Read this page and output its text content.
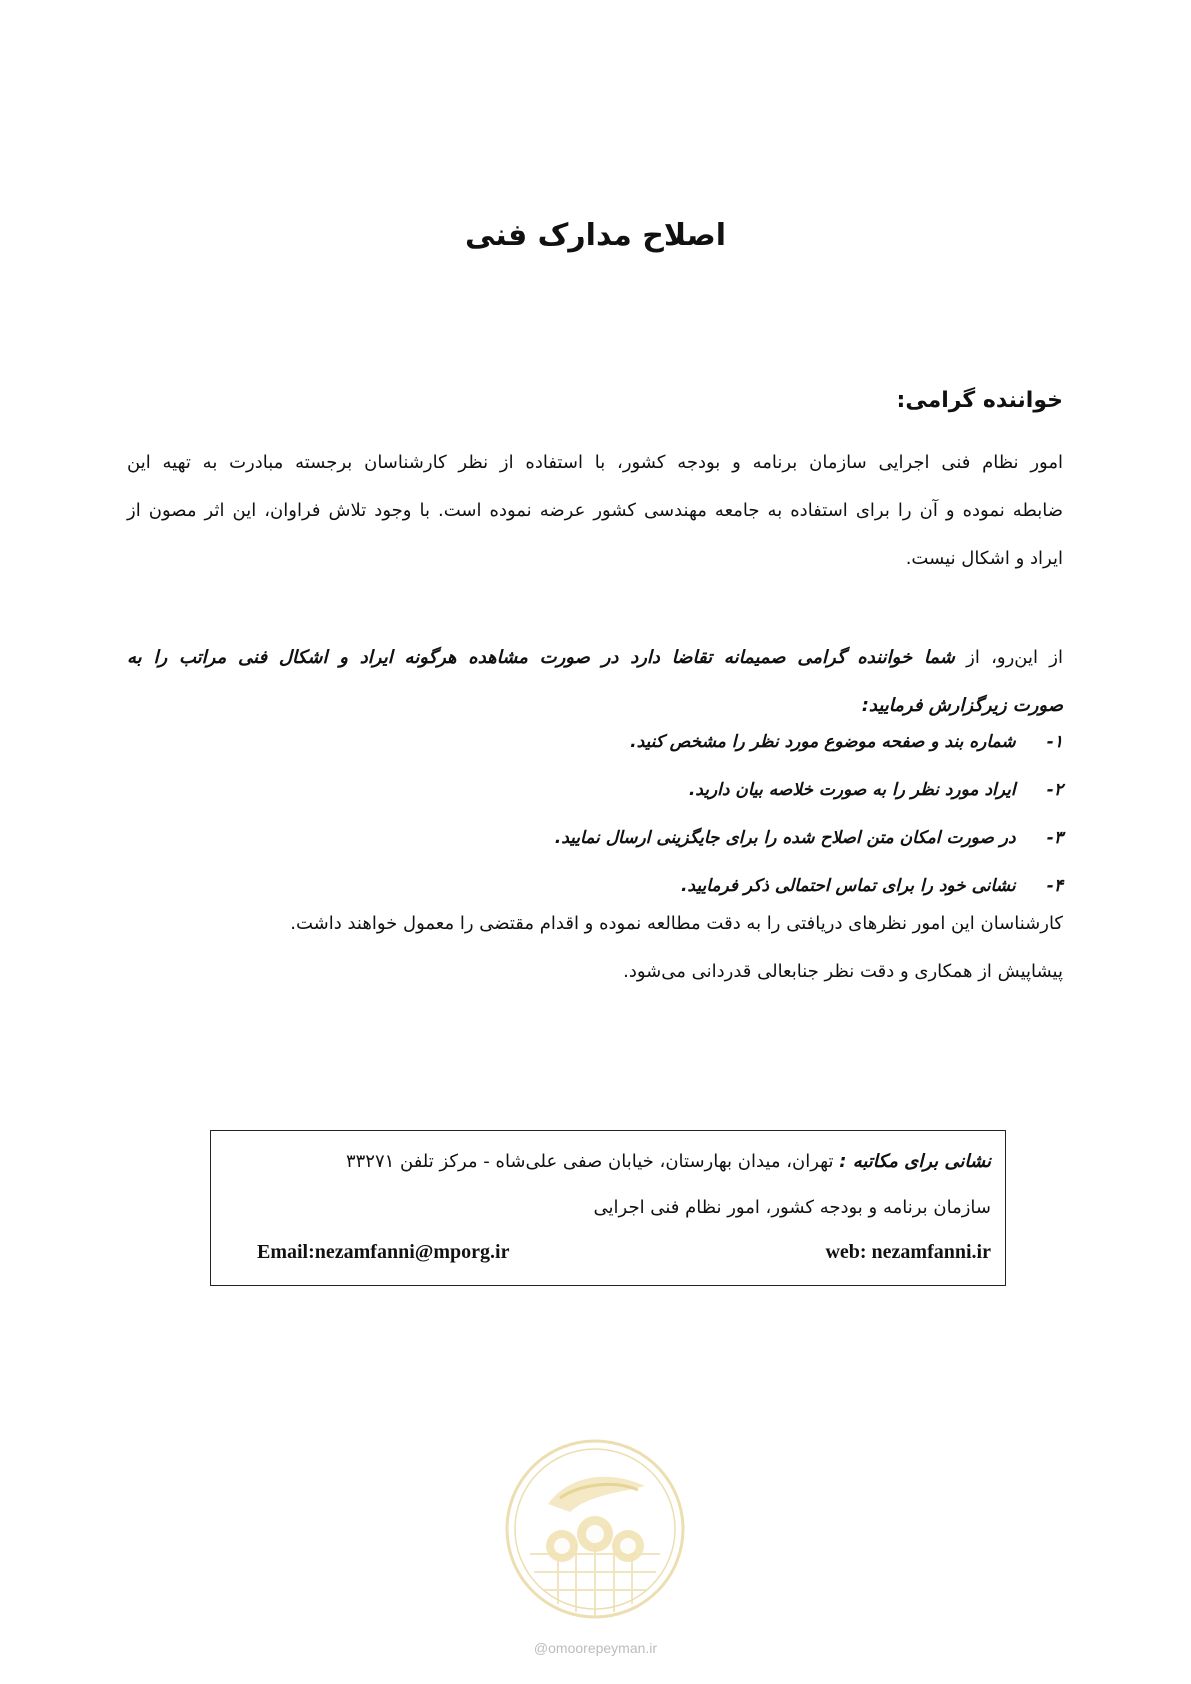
اصلاح مدارک فنی
خواننده گرامی:
امور نظام فنی اجرایی سازمان برنامه و بودجه کشور، با استفاده از نظر کارشناسان برجسته مبادرت به تهیه این
ضابطه نموده و آن را برای استفاده به جامعه مهندسی کشور عرضه نموده است. با وجود تلاش فراوان، این اثر مصون از
ایراد و اشکال نیست.
از این‌رو، از شما خواننده گرامی صمیمانه تقاضا دارد در صورت مشاهده هرگونه ایراد و اشکال فنی مراتب را به
صورت زیرگزارش فرمایید:
۱- شماره بند و صفحه موضوع مورد نظر را مشخص کنید.
۲- ایراد مورد نظر را به صورت خلاصه بیان دارید.
۳- در صورت امکان متن اصلاح شده را برای جایگزینی ارسال نمایید.
۴- نشانی خود را برای تماس احتمالی ذکر فرمایید.
کارشناسان این امور نظرهای دریافتی را به دقت مطالعه نموده و اقدام مقتضی را معمول خواهند داشت.
پیشاپیش از همکاری و دقت نظر جنابعالی قدردانی می‌شود.
نشانی برای مکاتبه : تهران، میدان بهارستان، خیابان صفی علی‌شاه - مرکز تلفن ۳۳۲۷۱
سازمان برنامه و بودجه کشور، امور نظام فنی اجرایی
web: nezamfanni.ir
Email:nezamfanni@mporg.ir
@omoorepeyman.ir
